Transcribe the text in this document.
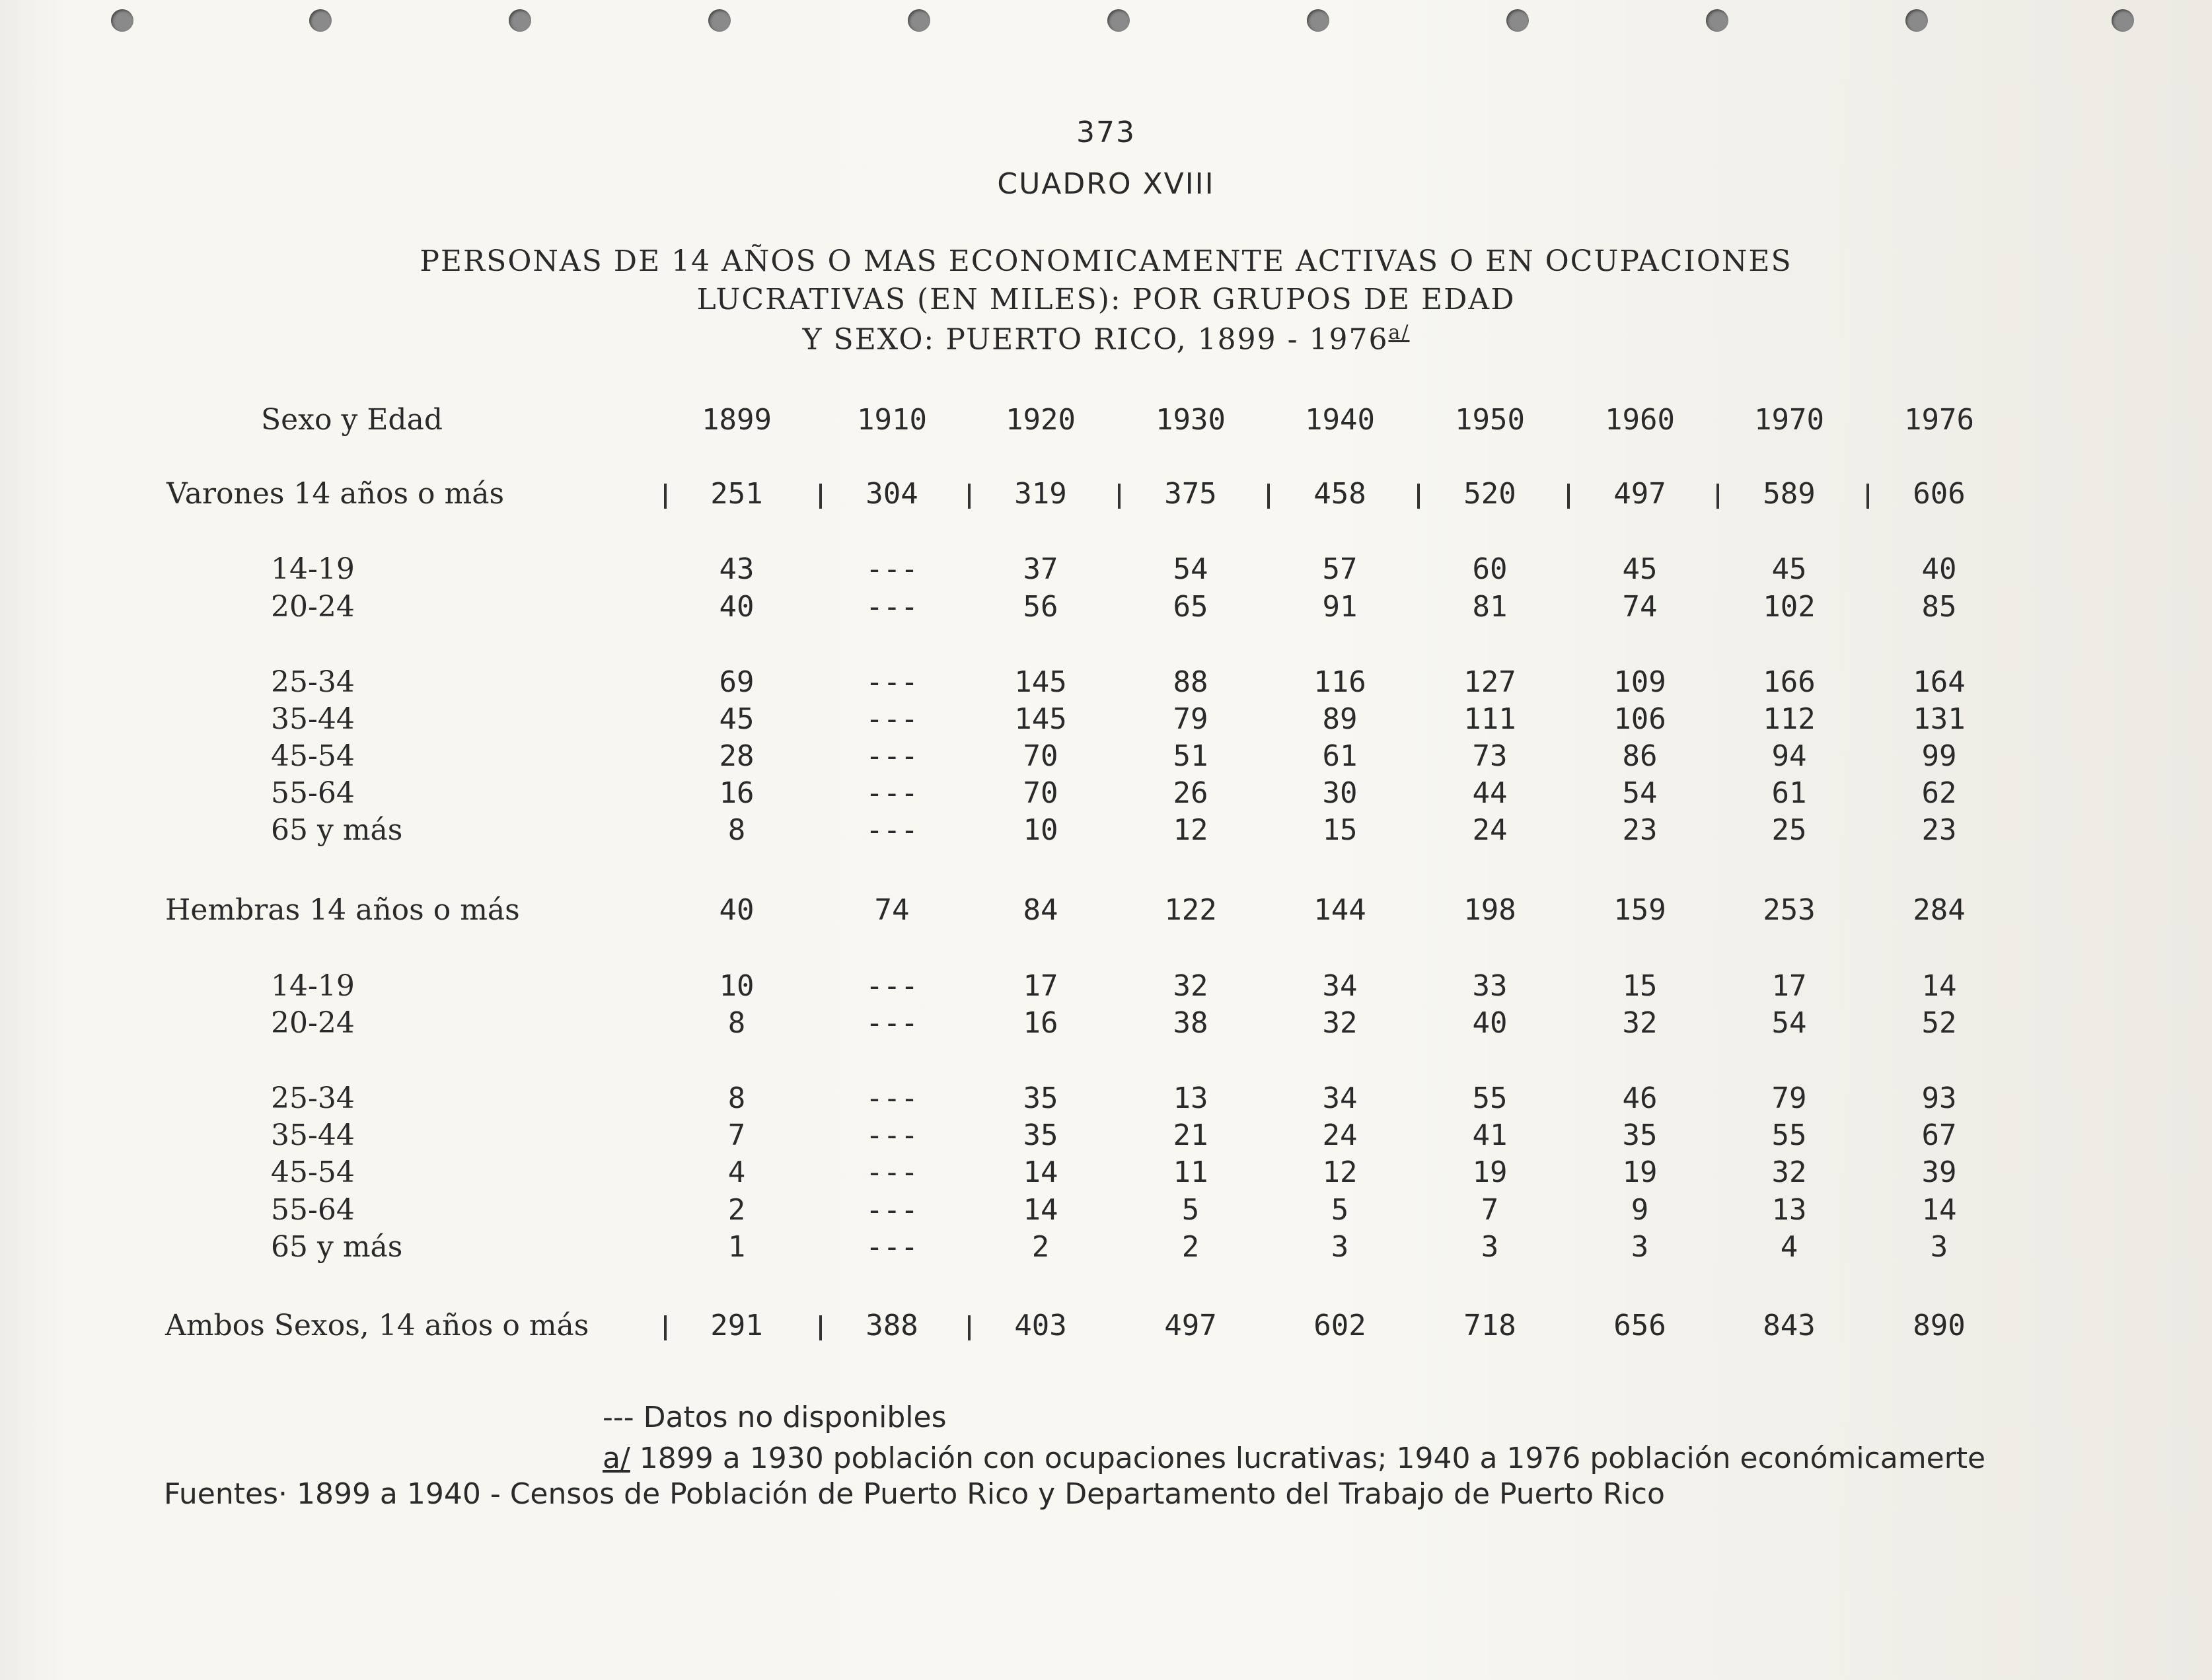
373
CUADRO XVIII
PERSONAS DE 14 AÑOS O MAS ECONOMICAMENTE ACTIVAS O EN OCUPACIONES
LUCRATIVAS (EN MILES): POR GRUPOS DE EDAD
Y SEXO: PUERTO RICO, $1899 - 1976^{a/}$
Sexo y Edad	1899	1910	1920	1930	1940	1950	1960	1970	1976
Varones 14 años o más	251	304	319	375	458	520	497	589	606
14-19	43	---	37	54	57	60	45	45	40
20-24	40	---	56	65	91	81	74	102	85
25-34	69	---	145	88	116	127	109	166	164
35-44	45	---	145	79	89	111	106	112	131
45-54	28	---	70	51	61	73	86	94	99
55-64	16	---	70	26	30	44	54	61	62
65 y más	8	---	10	12	15	24	23	25	23
Hembras 14 años o más	40	74	84	122	144	198	159	253	284
14-19	10	---	17	32	34	33	15	17	14
20-24	8	---	16	38	32	40	32	54	52
25-34	8	---	35	13	34	55	46	79	93
35-44	7	---	35	21	24	41	35	55	67
45-54	4	---	14	11	12	19	19	32	39
55-64	2	---	14	5	5	7	9	13	14
65 y más	1	---	2	2	3	3	3	4	3
Ambos Sexos, 14 años o más	291	388	403	497	602	718	656	843	890
--- Datos no disponibles
a/ 1899 a 1930 población con ocupaciones lucrativas; 1940 a 1976 población económicamerte
Fuentes· 1899 a 1940 - Censos de Población de Puerto Rico y Departamento del Trabajo de Puerto Rico
